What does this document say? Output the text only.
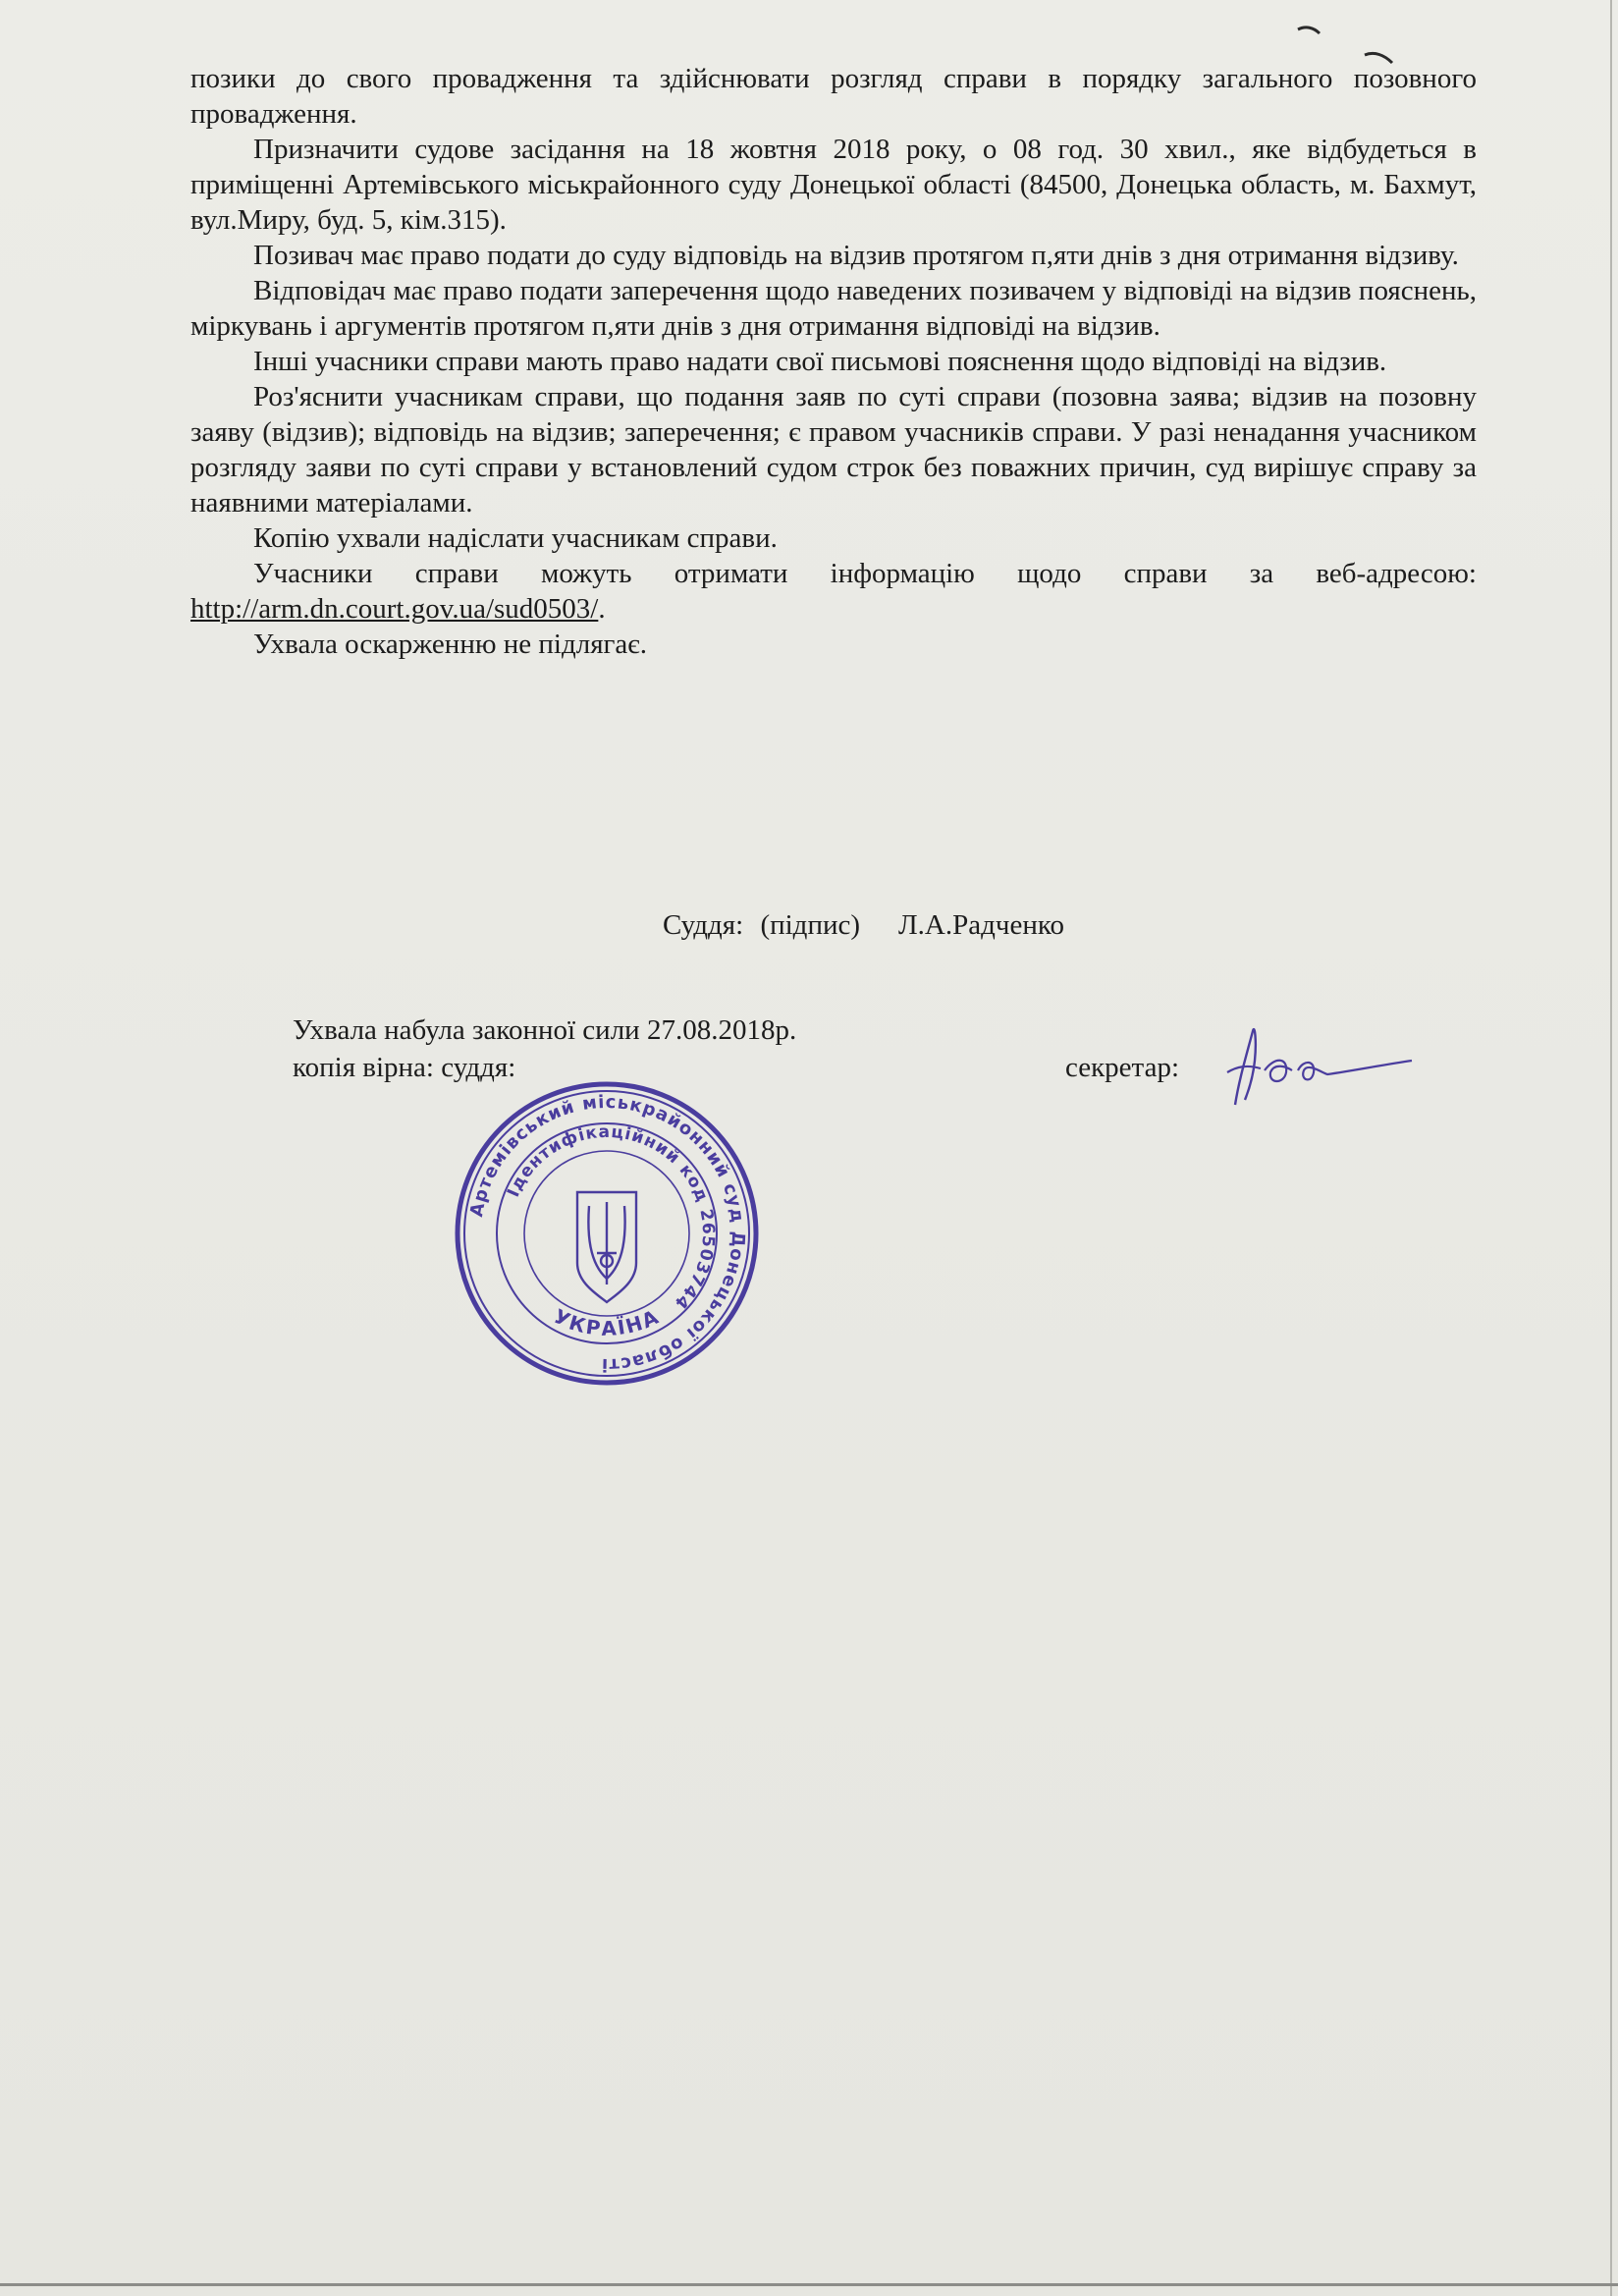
позики до свого провадження та здійснювати розгляд справи в порядку загального позовного провадження.

Призначити судове засідання на 18 жовтня 2018 року, о 08 год. 30 хвил., яке відбудеться в приміщенні Артемівського міськрайонного суду Донецької області (84500, Донецька область, м. Бахмут, вул.Миру, буд. 5, кім.315).

Позивач має право подати до суду відповідь на відзив протягом п,яти днів з дня отримання відзиву.

Відповідач має право подати заперечення щодо наведених позивачем у відповіді на відзив пояснень, міркувань і аргументів протягом п,яти днів з дня отримання відповіді на відзив.

Інші учасники справи мають право надати свої письмові пояснення щодо відповіді на відзив.

Роз'яснити учасникам справи, що подання заяв по суті справи (позовна заява; відзив на позовну заяву (відзив); відповідь на відзив; заперечення; є правом учасників справи. У разі ненадання учасником розгляду заяви по суті справи у встановлений судом строк без поважних причин, суд вирішує справу за наявними матеріалами.

Копію ухвали надіслати учасникам справи.

Учасники справи можуть отримати інформацію щодо справи за веб-адресою: http://arm.dn.court.gov.ua/sud0503/.

Ухвала оскарженню не підлягає.

Суддя: (підпис) Л.А.Радченко
Ухвала набула законної сили 27.08.2018р.
копія вірна: суддя:	секретар:
Артемівський міськрайонний суд Донецької області
Ідентифікаційний код 26503744
УКРАЇНА
